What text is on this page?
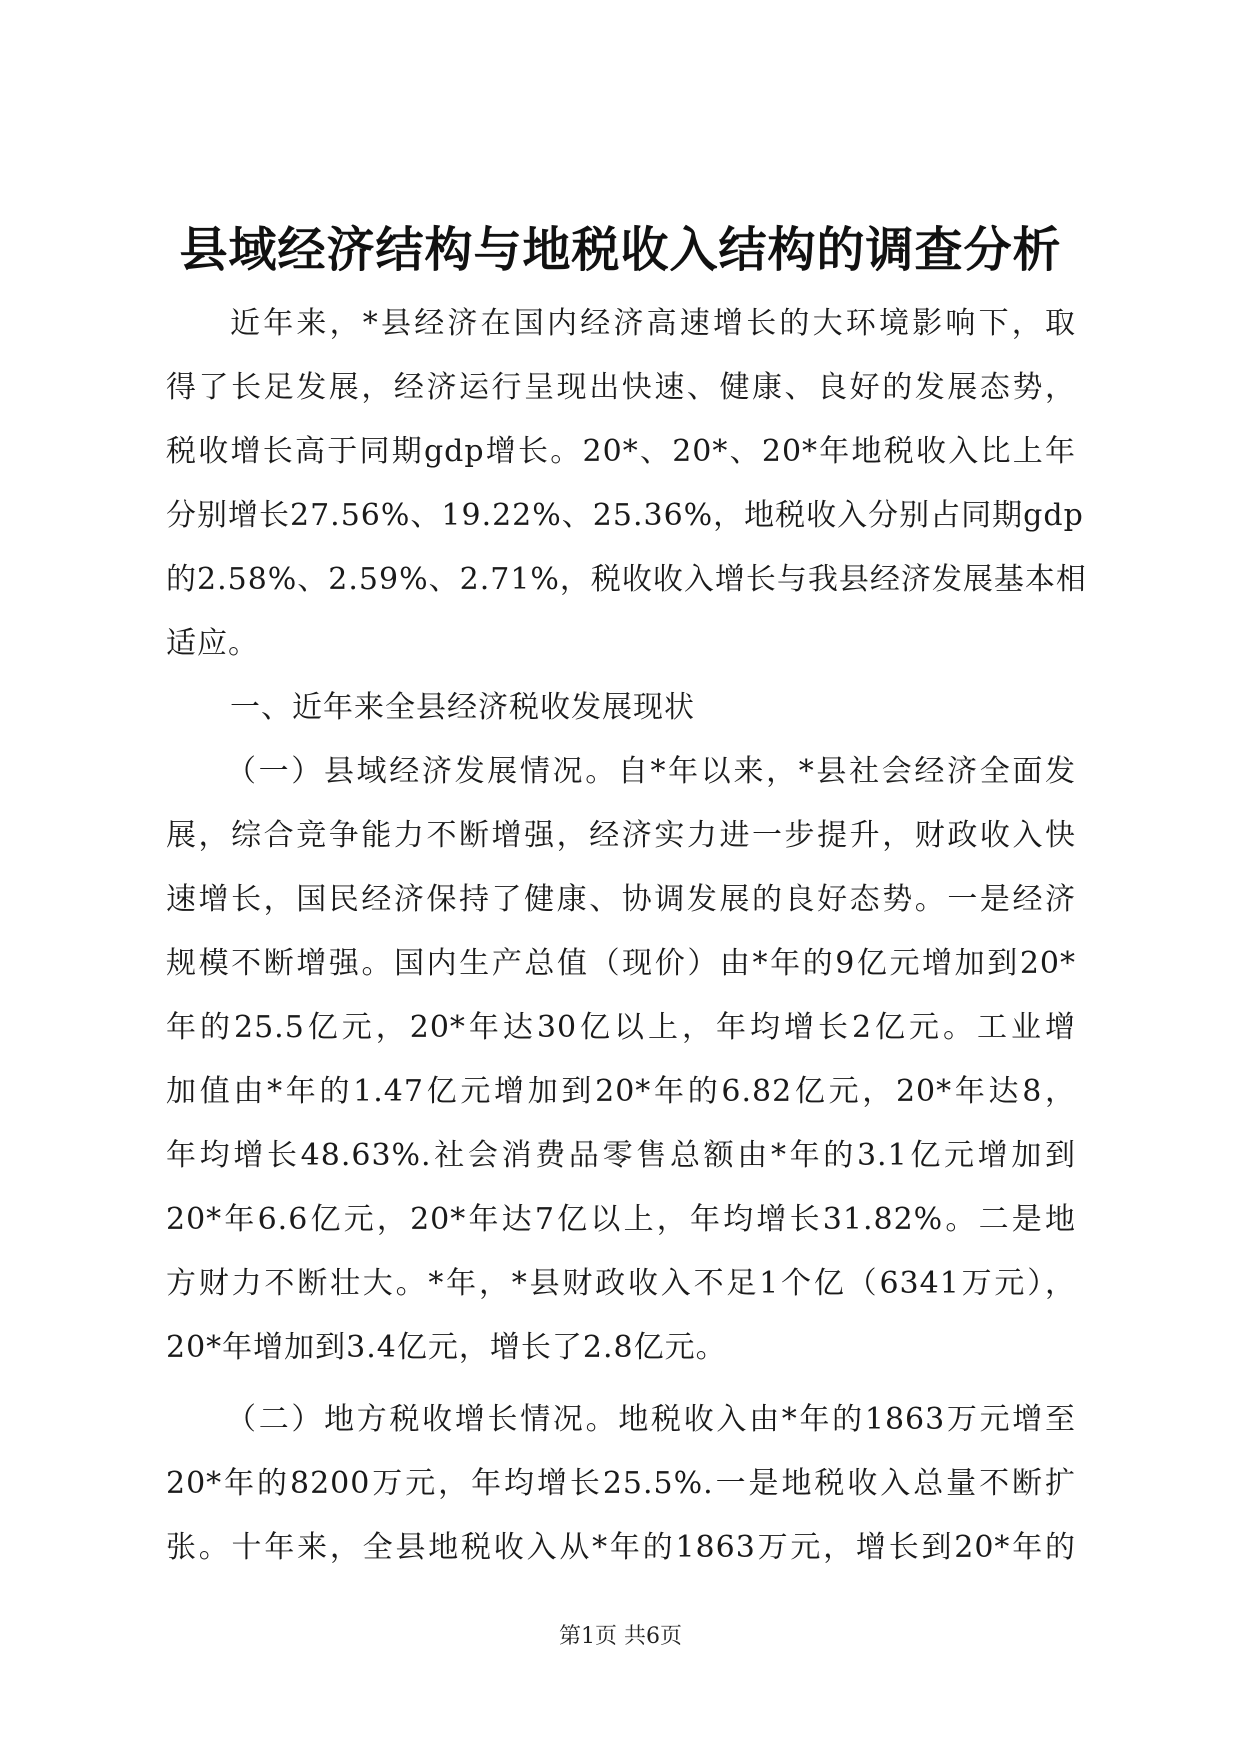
县域经济结构与地税收入结构的调查分析
近年来，*县经济在国内经济高速增长的大环境影响下，取
得了长足发展，经济运行呈现出快速、健康、良好的发展态势，
税收增长高于同期gdp增长。20*、20*、20*年地税收入比上年
分别增长27.56%、19.22%、25.36%，地税收入分别占同期gdp
的2.58%、2.59%、2.71%，税收收入增长与我县经济发展基本相
适应。
一、近年来全县经济税收发展现状
（一）县域经济发展情况。自*年以来，*县社会经济全面发
展，综合竞争能力不断增强，经济实力进一步提升，财政收入快
速增长，国民经济保持了健康、协调发展的良好态势。一是经济
规模不断增强。国内生产总值（现价）由*年的9亿元增加到20*
年的25.5亿元，20*年达30亿以上，年均增长2亿元。工业增
加值由*年的1.47亿元增加到20*年的6.82亿元，20*年达8，
年均增长48.63%.社会消费品零售总额由*年的3.1亿元增加到
20*年6.6亿元，20*年达7亿以上，年均增长31.82%。二是地
方财力不断壮大。*年，*县财政收入不足1个亿（6341万元），
20*年增加到3.4亿元，增长了2.8亿元。
（二）地方税收增长情况。地税收入由*年的1863万元增至
20*年的8200万元，年均增长25.5%.一是地税收入总量不断扩
张。十年来，全县地税收入从*年的1863万元，增长到20*年的
第1页 共6页
